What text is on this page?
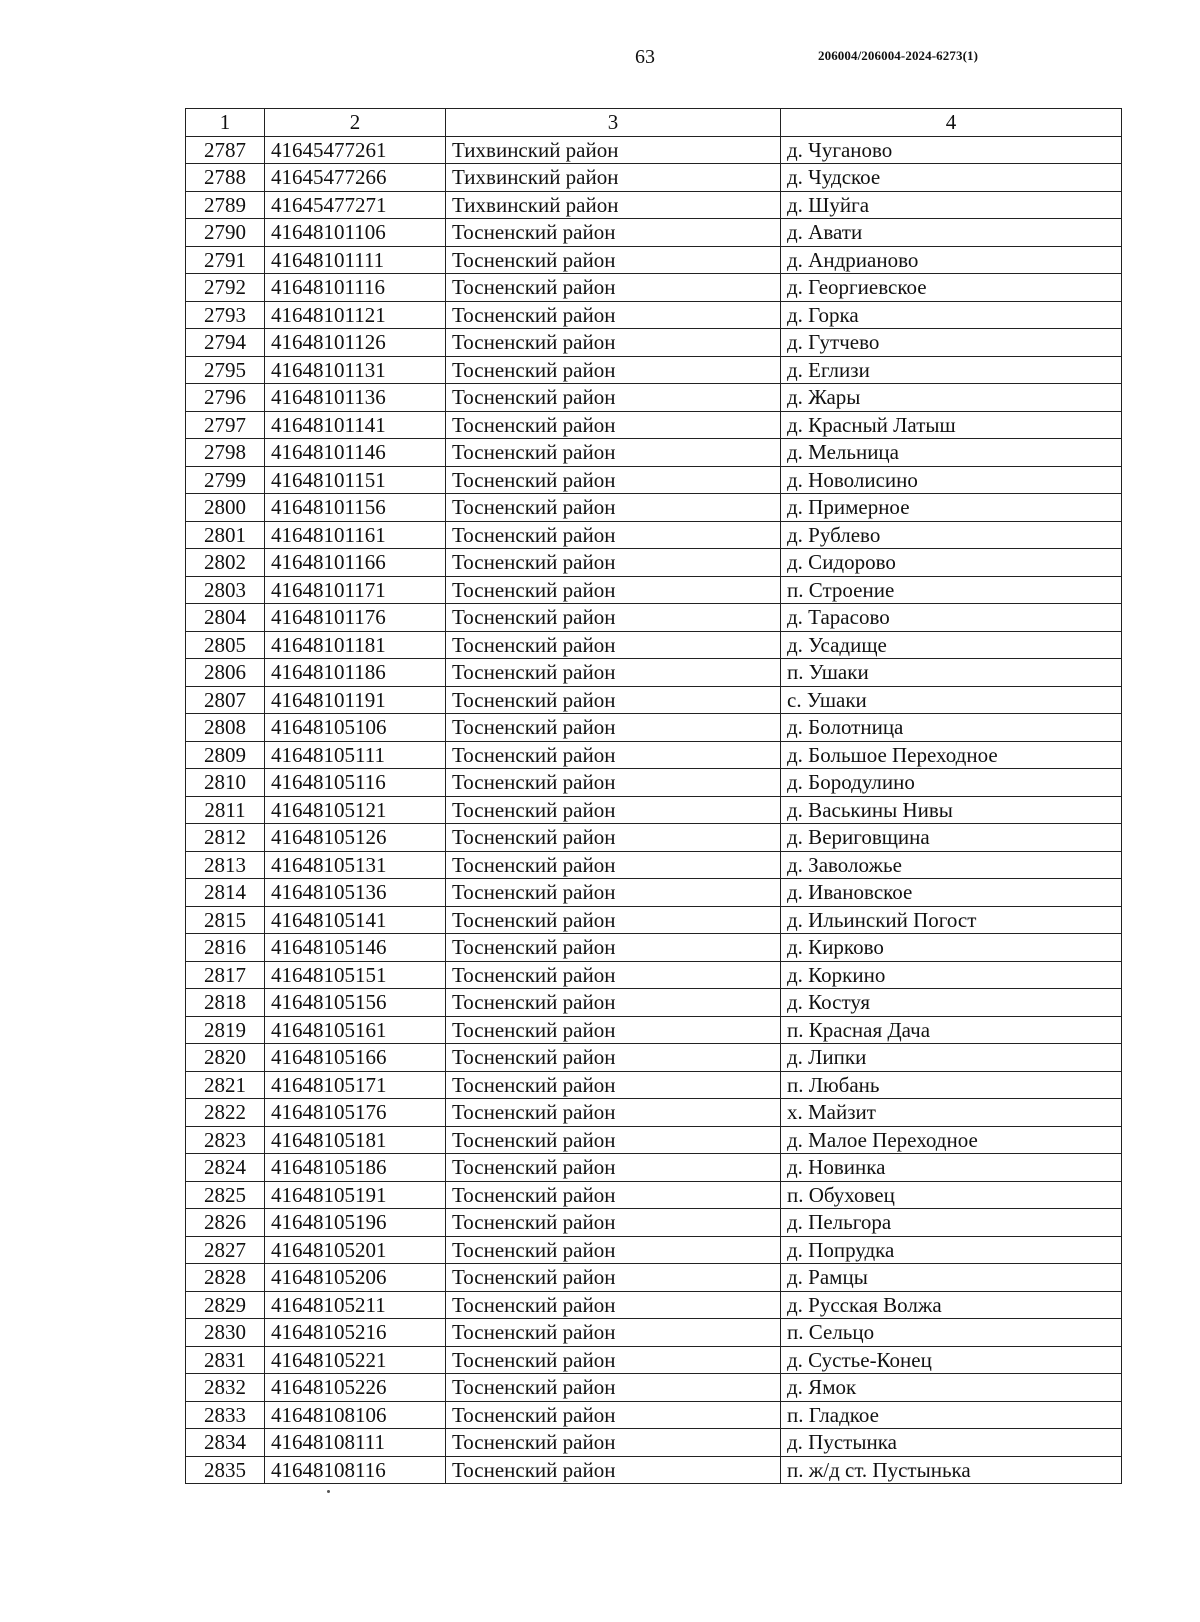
63	206004/206004-2024-6273(1)
1	2	3	4
2787	41645477261	Тихвинский район	д. Чуганово
2788	41645477266	Тихвинский район	д. Чудское
2789	41645477271	Тихвинский район	д. Шуйга
2790	41648101106	Тосненский район	д. Авати
2791	41648101111	Тосненский район	д. Андрианово
2792	41648101116	Тосненский район	д. Георгиевское
2793	41648101121	Тосненский район	д. Горка
2794	41648101126	Тосненский район	д. Гутчево
2795	41648101131	Тосненский район	д. Еглизи
2796	41648101136	Тосненский район	д. Жары
2797	41648101141	Тосненский район	д. Красный Латыш
2798	41648101146	Тосненский район	д. Мельница
2799	41648101151	Тосненский район	д. Новолисино
2800	41648101156	Тосненский район	д. Примерное
2801	41648101161	Тосненский район	д. Рублево
2802	41648101166	Тосненский район	д. Сидорово
2803	41648101171	Тосненский район	п. Строение
2804	41648101176	Тосненский район	д. Тарасово
2805	41648101181	Тосненский район	д. Усадище
2806	41648101186	Тосненский район	п. Ушаки
2807	41648101191	Тосненский район	с. Ушаки
2808	41648105106	Тосненский район	д. Болотница
2809	41648105111	Тосненский район	д. Большое Переходное
2810	41648105116	Тосненский район	д. Бородулино
2811	41648105121	Тосненский район	д. Васькины Нивы
2812	41648105126	Тосненский район	д. Вериговщина
2813	41648105131	Тосненский район	д. Заволожье
2814	41648105136	Тосненский район	д. Ивановское
2815	41648105141	Тосненский район	д. Ильинский Погост
2816	41648105146	Тосненский район	д. Кирково
2817	41648105151	Тосненский район	д. Коркино
2818	41648105156	Тосненский район	д. Костуя
2819	41648105161	Тосненский район	п. Красная Дача
2820	41648105166	Тосненский район	д. Липки
2821	41648105171	Тосненский район	п. Любань
2822	41648105176	Тосненский район	х. Майзит
2823	41648105181	Тосненский район	д. Малое Переходное
2824	41648105186	Тосненский район	д. Новинка
2825	41648105191	Тосненский район	п. Обуховец
2826	41648105196	Тосненский район	д. Пельгора
2827	41648105201	Тосненский район	д. Попрудка
2828	41648105206	Тосненский район	д. Рамцы
2829	41648105211	Тосненский район	д. Русская Волжа
2830	41648105216	Тосненский район	п. Сельцо
2831	41648105221	Тосненский район	д. Сустье-Конец
2832	41648105226	Тосненский район	д. Ямок
2833	41648108106	Тосненский район	п. Гладкое
2834	41648108111	Тосненский район	д. Пустынка
2835	41648108116	Тосненский район	п. ж/д ст. Пустынька
